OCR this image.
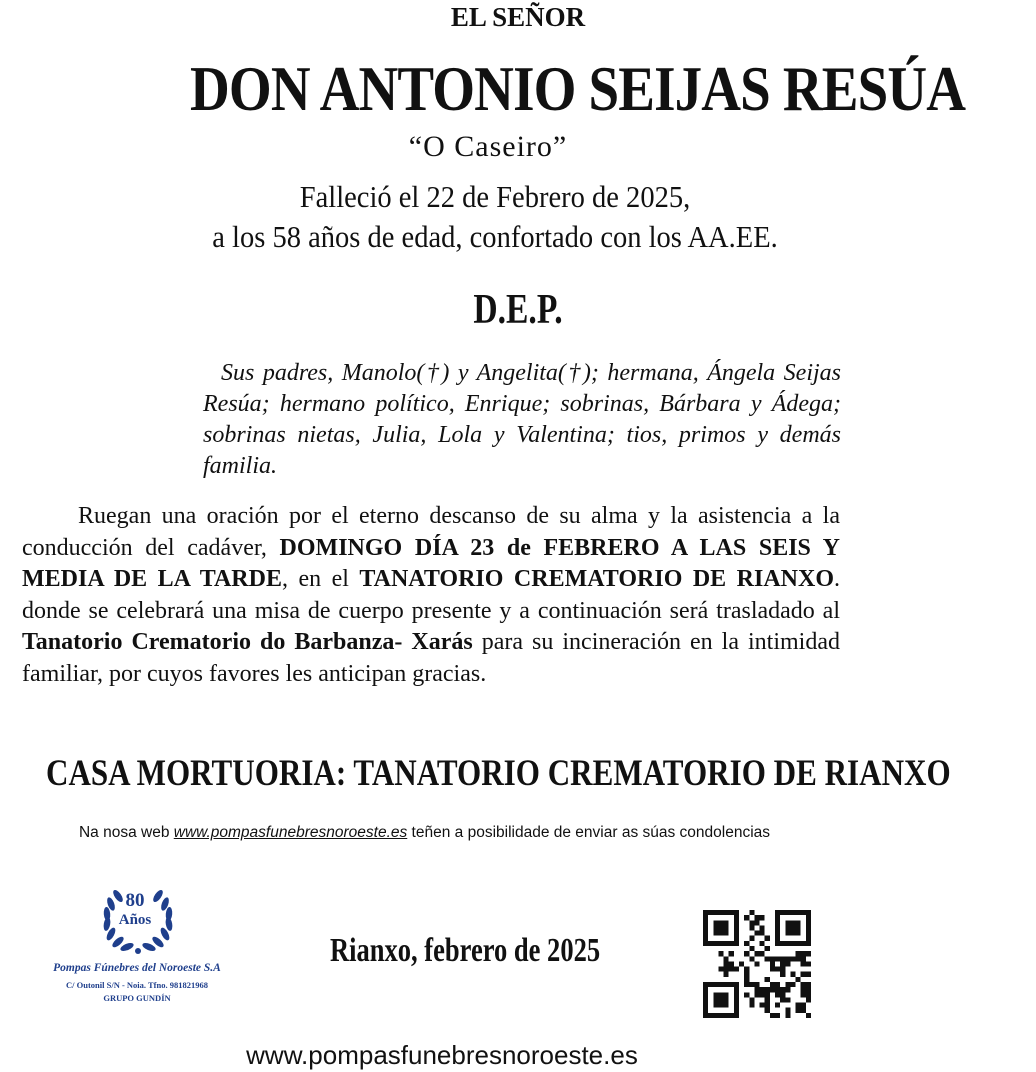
EL SEÑOR
DON ANTONIO SEIJAS RESÚA
“O Caseiro”
Falleció el 22 de Febrero de 2025,
a los 58 años de edad, confortado con los AA.EE.
D.E.P.
Sus padres, Manolo(†) y Angelita(†); hermana, Ángela Seijas Resúa; hermano político, Enrique; sobrinas, Bárbara y Ádega; sobrinas nietas, Julia, Lola y Valentina; tios, primos y demás familia.
Ruegan una oración por el eterno descanso de su alma y la asistencia a la conducción del cadáver, DOMINGO DÍA 23 de FEBRERO A LAS SEIS Y MEDIA DE LA TARDE, en el TANATORIO CREMATORIO DE RIANXO. donde se celebrará una misa de cuerpo presente y a continuación será trasladado al Tanatorio Crematorio do Barbanza- Xarás para su incineración en la intimidad familiar, por cuyos favores les anticipan gracias.
CASA MORTUORIA: TANATORIO CREMATORIO DE RIANXO
Na nosa web www.pompasfunebresnoroeste.es teñen a posibilidade de enviar as súas condolencias
80
Años
Pompas Fúnebres del Noroeste S.A
C/ Outonil S/N - Noia. Tfno. 981821968
GRUPO GUNDÍN
Rianxo, febrero de 2025
www.pompasfunebresnoroeste.es
